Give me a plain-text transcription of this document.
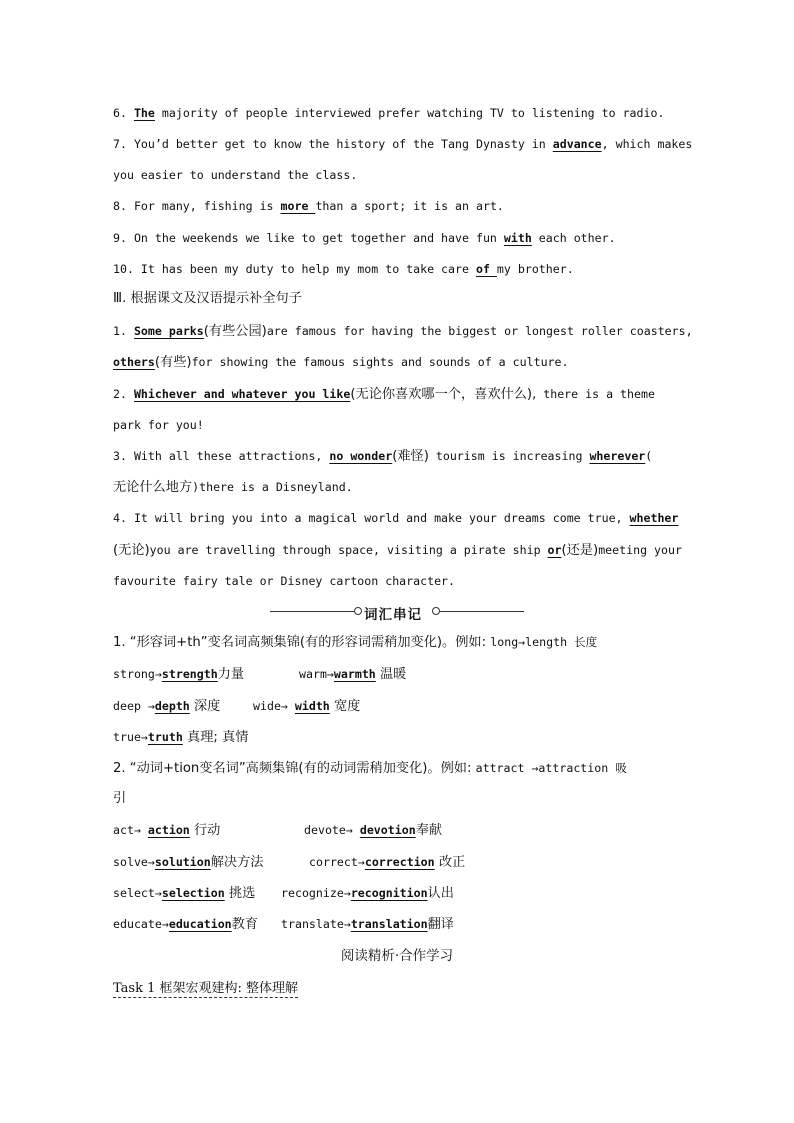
6. The majority of people interviewed prefer watching TV to listening to radio.
7. You’d better get to know the history of the Tang Dynasty in advance, which makes
you easier to understand the class.
8. For many, fishing is more than a sport; it is an art.
9. On the weekends we like to get together and have fun with each other.
10. It has been my duty to help my mom to take care of my brother.
Ⅲ. 根据课文及汉语提示补全句子
1. Some parks(有些公园)are famous for having the biggest or longest roller coasters,
others(有些)for showing the famous sights and sounds of a culture.
2. Whichever and whatever you like(无论你喜欢哪一个，喜欢什么), there is a theme
park for you!
3. With all these attractions, no wonder(难怪) tourism is increasing wherever(
无论什么地方)there is a Disneyland.
4. It will bring you into a magical world and make your dreams come true, whether
(无论)you are travelling through space, visiting a pirate ship or(还是)meeting your
favourite fairy tale or Disney cartoon character.
词汇串记
1. “形容词+th”变名词高频集锦(有的形容词需稍加变化)。例如: long→length 长度
strong→strength力量	warm→warmth 温暖
deep →depth 深度	wide→ width 宽度
true→truth 真理; 真情
2. “动词+tion变名词”高频集锦(有的动词需稍加变化)。例如: attract →attraction 吸
引
act→ action 行动	devote→ devotion奉献
solve→solution解决方法	correct→correction 改正
select→selection 挑选 recognize→recognition认出
educate→education教育 translate→translation翻译
阅读精析·合作学习
Task 1 框架宏观建构: 整体理解
